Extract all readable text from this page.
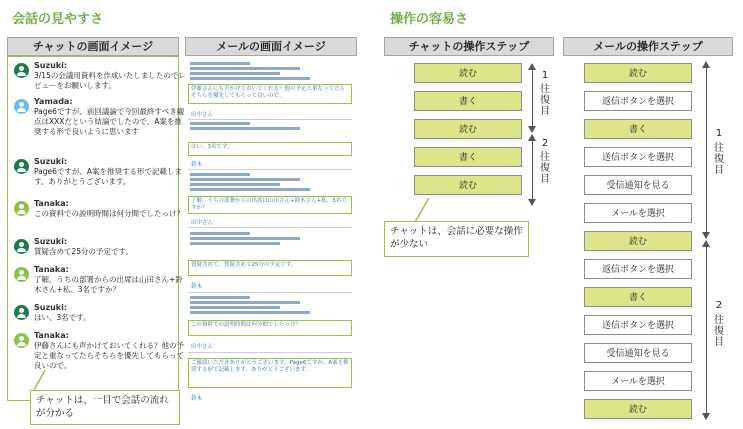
会話の見やすさ
チャットの画面イメージ	メールの画面イメージ
Suzuki:
3/15の会議用資料を作成いたしましたのでレビューをお願いします。
Yamada:
Page6ですが、前回議論で今回最終すべき観点はXXXだという結論でしたので、A案を推奨する形で良いように思います
Suzuki:
Page6ですが、A案を推奨する形で記載します。ありがとうございます。
Tanaka:
この資料での説明時間は何分間でしたっけ？
Suzuki:
質疑含めて25分の予定です。
Tanaka:
了解。うちの部署からの出席は山田さん+鈴木さん+私、3名ですか？
Suzuki:
はい、3名です。
Tanaka:
伊藤さんにも声かけておいてくれる？他の予定と重なってたらそちらを優先してもらって良いので。
チャットは、一目で会話の流れが分かる
伊藤さんにも声かけておいてくれる？他の予定と重なってたらそちらを優先してもらって良いので。
田中さん
はい、3名です。
鈴木
了解。うちの部署からの出席は山田さん+鈴木さん+私、3名ですか？
田中さん
質疑含めて、質疑含めて25分の予定です。
鈴木
この資料での説明時間は何分間でしたっけ？
田中さん
ご確認いただきありがとうございます。Page6ですが、A案を推奨する形で記載します。ありがとうございます。
鈴木
操作の容易さ
チャットの操作ステップ	メールの操作ステップ
読む
書く
読む
書く
読む
1
往復目
2
往復目
チャットは、会話に必要な操作が少ない
読む
返信ボタンを選択
書く
送信ボタンを選択
受信通知を見る
メールを選択
読む
返信ボタンを選択
書く
送信ボタンを選択
受信通知を見る
メールを選択
読む
1
往復目
2
往復目
